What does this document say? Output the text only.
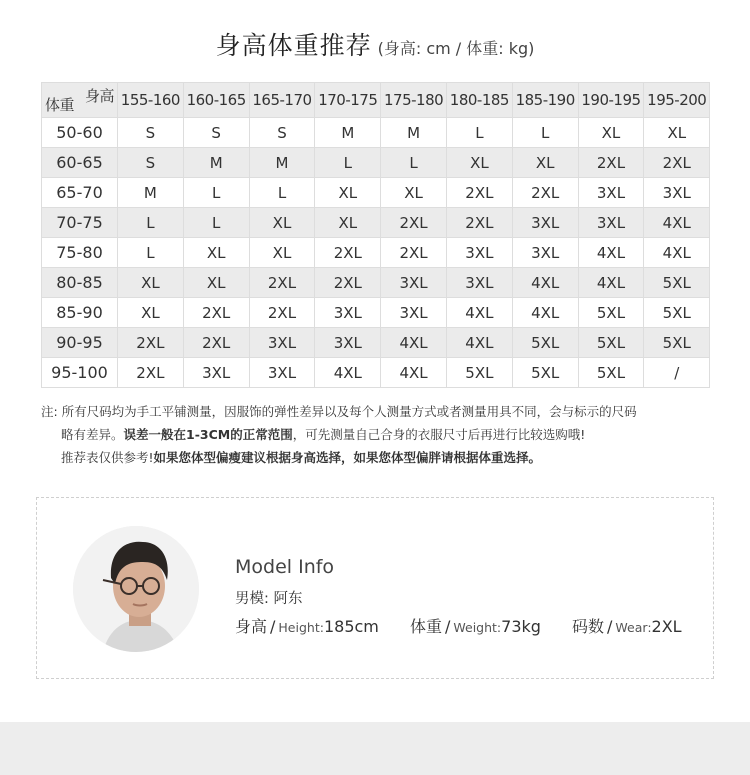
身高体重推荐 (身高: cm / 体重: kg)
身高
体重	155-160	160-165	165-170	170-175	175-180	180-185	185-190	190-195	195-200
50-60	S	S	S	M	M	L	L	XL	XL
60-65	S	M	M	L	L	XL	XL	2XL	2XL
65-70	M	L	L	XL	XL	2XL	2XL	3XL	3XL
70-75	L	L	XL	XL	2XL	2XL	3XL	3XL	4XL
75-80	L	XL	XL	2XL	2XL	3XL	3XL	4XL	4XL
80-85	XL	XL	2XL	2XL	3XL	3XL	4XL	4XL	5XL
85-90	XL	2XL	2XL	3XL	3XL	4XL	4XL	5XL	5XL
90-95	2XL	2XL	3XL	3XL	4XL	4XL	5XL	5XL	5XL
95-100	2XL	3XL	3XL	4XL	4XL	5XL	5XL	5XL	/
注: 所有尺码均为手工平铺测量，因服饰的弹性差异以及每个人测量方式或者测量用具不同，会与标示的尺码
略有差异。误差一般在1-3CM的正常范围，可先测量自己合身的衣服尺寸后再进行比较选购哦!
推荐表仅供参考!如果您体型偏瘦建议根据身高选择，如果您体型偏胖请根据体重选择。
Model Info
男模: 阿东
身高 / Height:185cm 体重 / Weight:73kg 码数 / Wear:2XL
